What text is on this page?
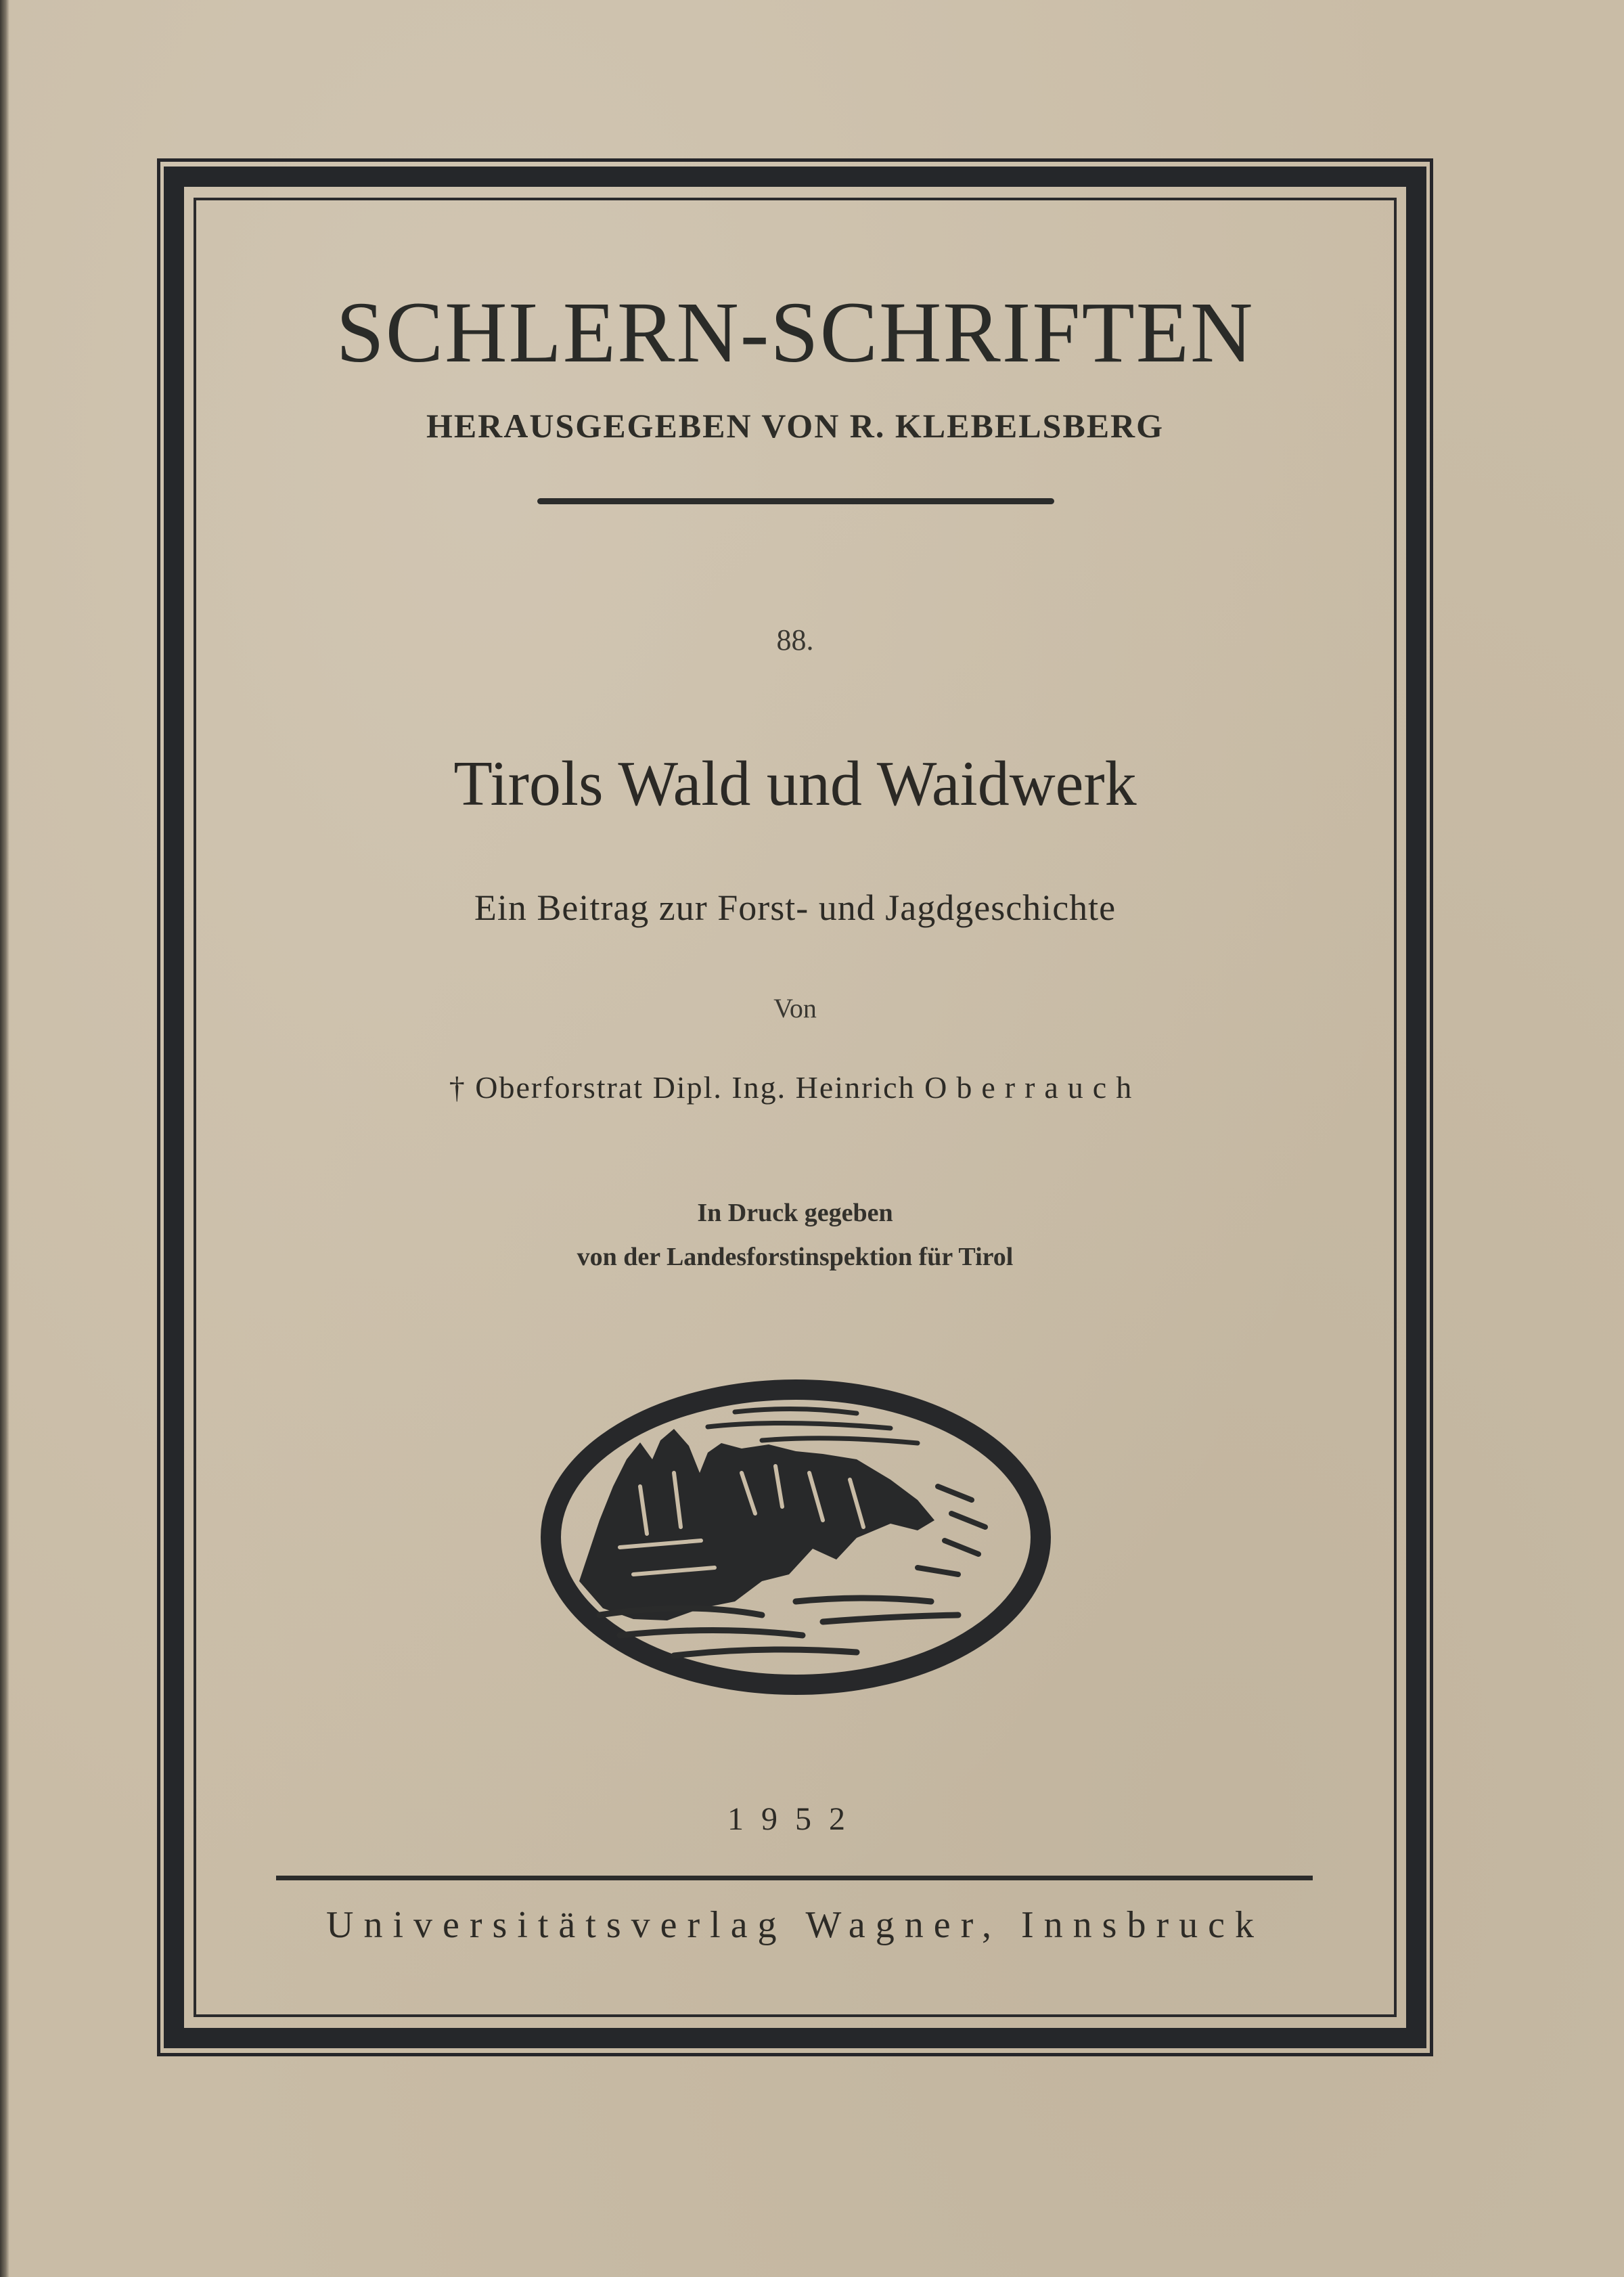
SCHLERN-SCHRIFTEN
HERAUSGEGEBEN VON R. KLEBELSBERG
88.
Tirols Wald und Waidwerk
Ein Beitrag zur Forst- und Jagdgeschichte
Von
† Oberforstrat Dipl. Ing. Heinrich Oberrauch
In Druck gegeben
von der Landesforstinspektion für Tirol
1952
Universitätsverlag Wagner, Innsbruck
